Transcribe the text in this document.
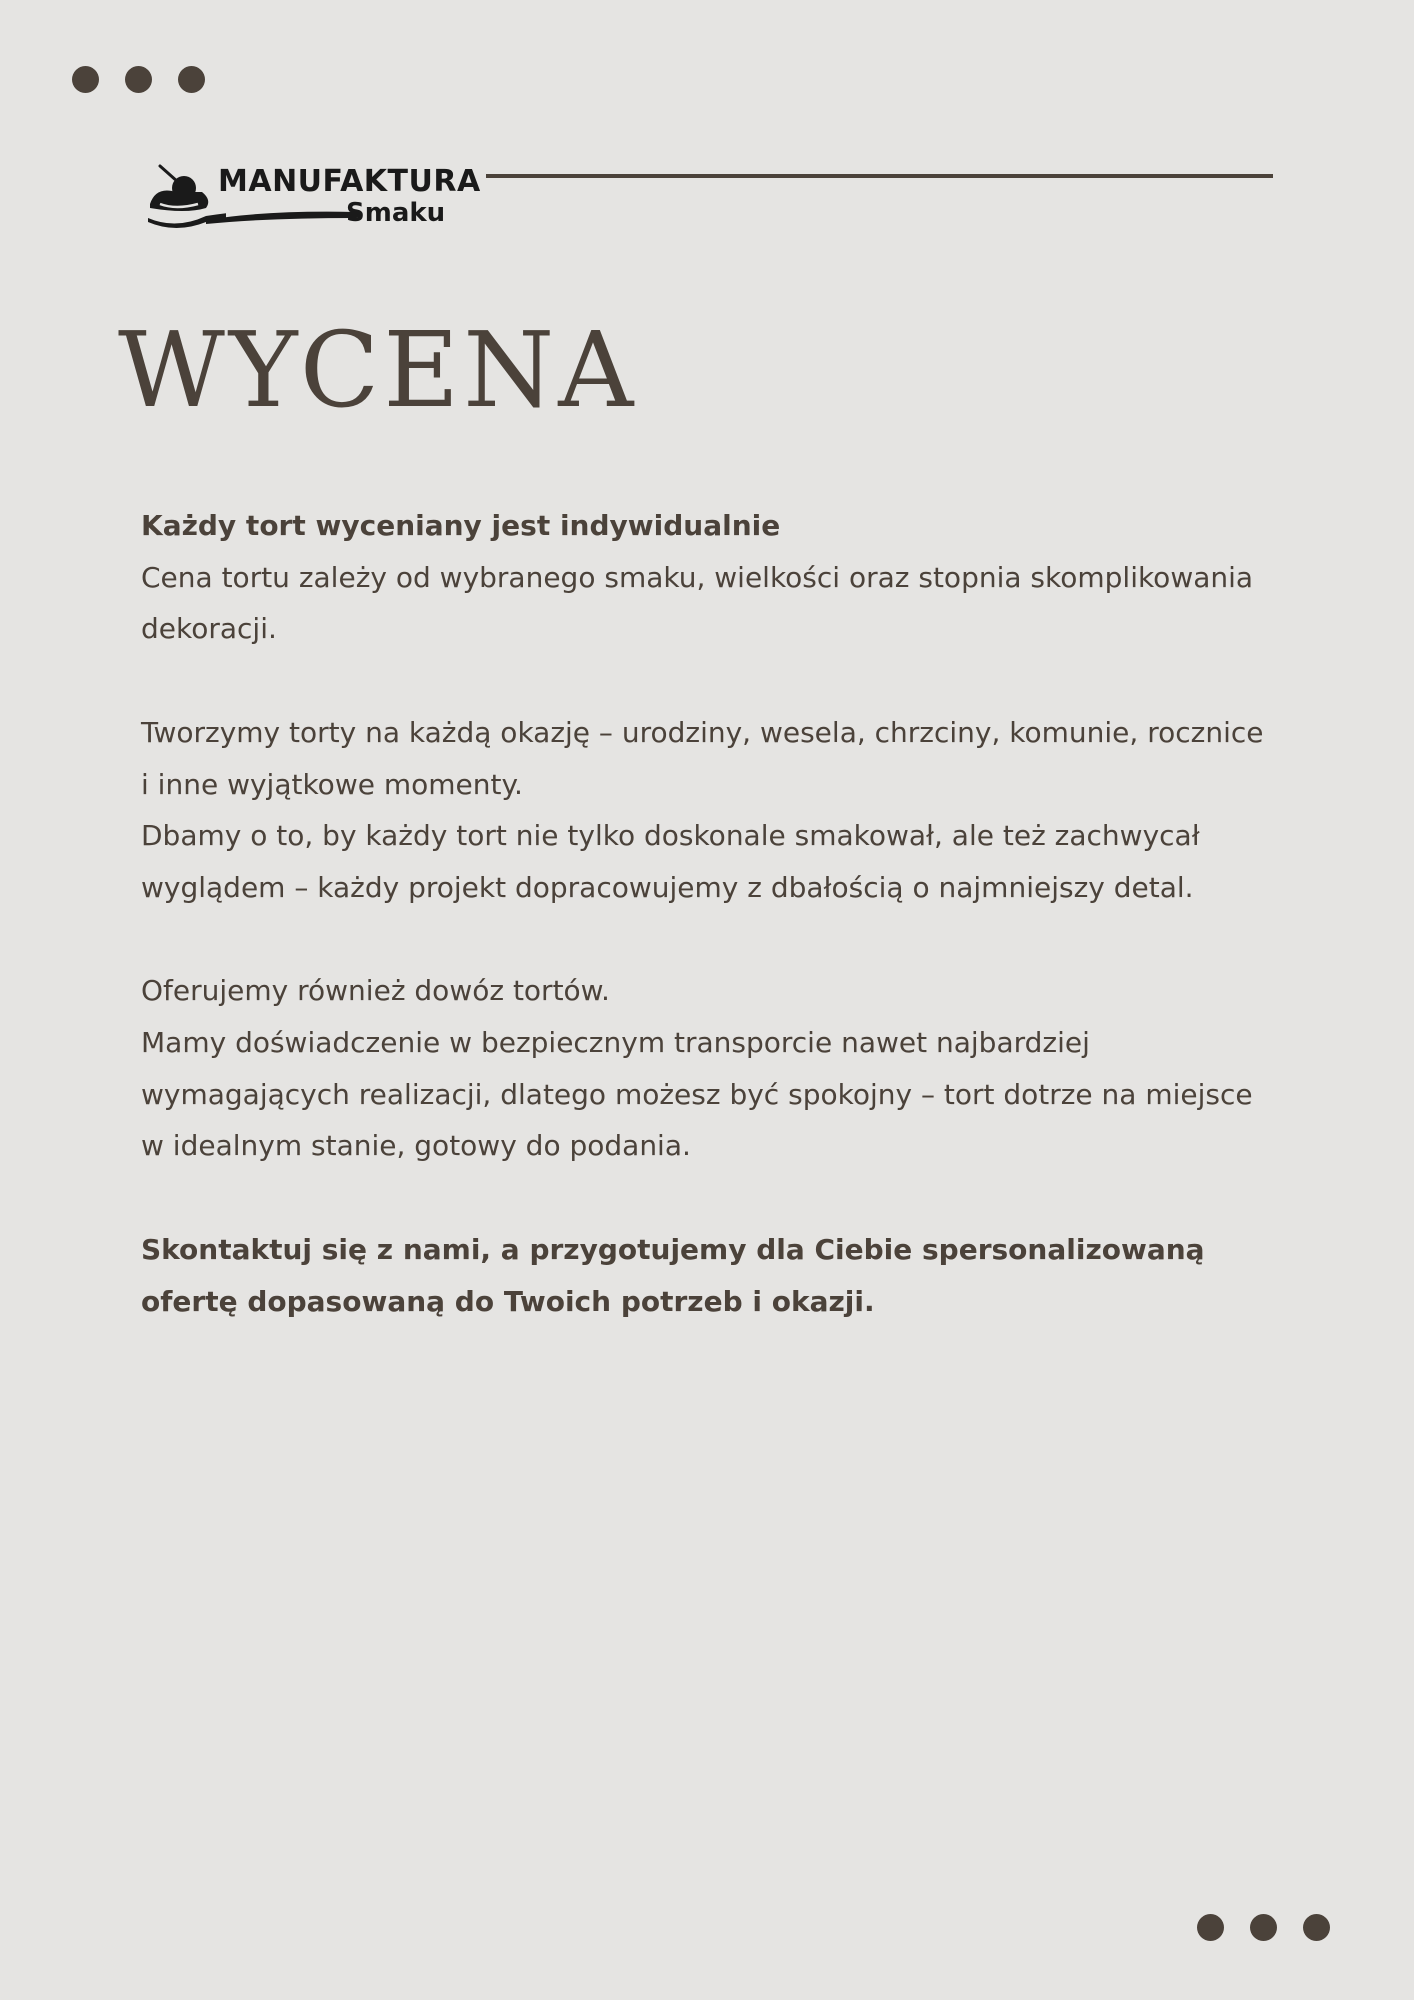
MANUFAKTURA
Smaku
WYCENA

Każdy tort wyceniany jest indywidualnie
Cena tortu zależy od wybranego smaku, wielkości oraz stopnia skomplikowania dekoracji.

Tworzymy torty na każdą okazję – urodziny, wesela, chrzciny, komunie, rocznice i inne wyjątkowe momenty.
Dbamy o to, by każdy tort nie tylko doskonale smakował, ale też zachwycał wyglądem – każdy projekt dopracowujemy z dbałością o najmniejszy detal.

Oferujemy również dowóz tortów.
Mamy doświadczenie w bezpiecznym transporcie nawet najbardziej wymagających realizacji, dlatego możesz być spokojny – tort dotrze na miejsce w idealnym stanie, gotowy do podania.

Skontaktuj się z nami, a przygotujemy dla Ciebie spersonalizowaną ofertę dopasowaną do Twoich potrzeb i okazji.
